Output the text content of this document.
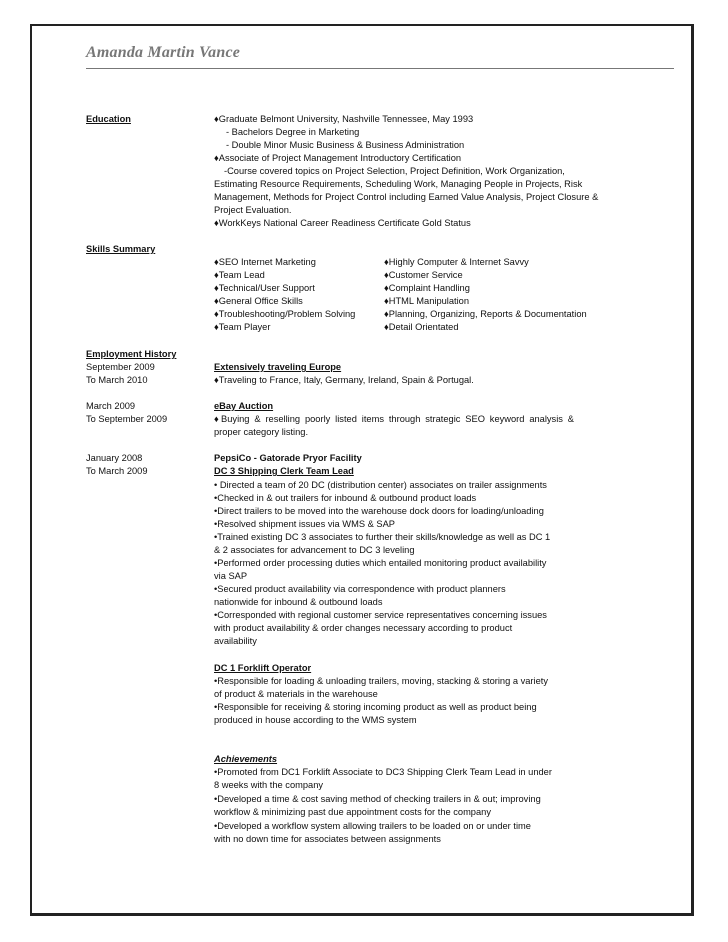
Amanda Martin Vance
Education	♦Graduate Belmont University, Nashville Tennessee, May 1993
- Bachelors Degree in Marketing
- Double Minor Music Business & Business Administration
♦Associate of Project Management Introductory Certification
-Course covered topics on Project Selection, Project Definition, Work Organization,
Estimating Resource Requirements, Scheduling Work, Managing People in Projects, Risk
Management, Methods for Project Control including Earned Value Analysis, Project Closure &
Project Evaluation.
♦WorkKeys National Career Readiness Certificate Gold Status
Skills Summary
♦SEO Internet Marketing
♦Team Lead
♦Technical/User Support
♦General Office Skills
♦Troubleshooting/Problem Solving
♦Team Player
♦Highly Computer & Internet Savvy
♦Customer Service
♦Complaint Handling
♦HTML Manipulation
♦Planning, Organizing, Reports & Documentation
♦Detail Orientated
Employment History
September 2009
To March 2010
Extensively traveling Europe
♦Traveling to France, Italy, Germany, Ireland, Spain & Portugal.
March 2009
To September 2009
eBay Auction
♦Buying & reselling poorly listed items through strategic SEO keyword analysis &
proper category listing.
January 2008
To March 2009
PepsiCo - Gatorade Pryor Facility
DC 3 Shipping Clerk Team Lead
• Directed a team of 20 DC (distribution center) associates on trailer assignments
•Checked in & out trailers for inbound & outbound product loads
•Direct trailers to be moved into the warehouse dock doors for loading/unloading
•Resolved shipment issues via WMS & SAP
•Trained existing DC 3 associates to further their skills/knowledge as well as DC 1
& 2 associates for advancement to DC 3 leveling
•Performed order processing duties which entailed monitoring product availability
via SAP
•Secured product availability via correspondence with product planners
nationwide for inbound & outbound loads
•Corresponded with regional customer service representatives concerning issues
with product availability & order changes necessary according to product
availability
DC 1 Forklift Operator
•Responsible for loading & unloading trailers, moving, stacking & storing a variety
of product & materials in the warehouse
•Responsible for receiving & storing incoming product as well as product being
produced in house according to the WMS system
Achievements
•Promoted from DC1 Forklift Associate to DC3 Shipping Clerk Team Lead in under
8 weeks with the company
•Developed a time & cost saving method of checking trailers in & out; improving
workflow & minimizing past due appointment costs for the company
•Developed a workflow system allowing trailers to be loaded on or under time
with no down time for associates between assignments
